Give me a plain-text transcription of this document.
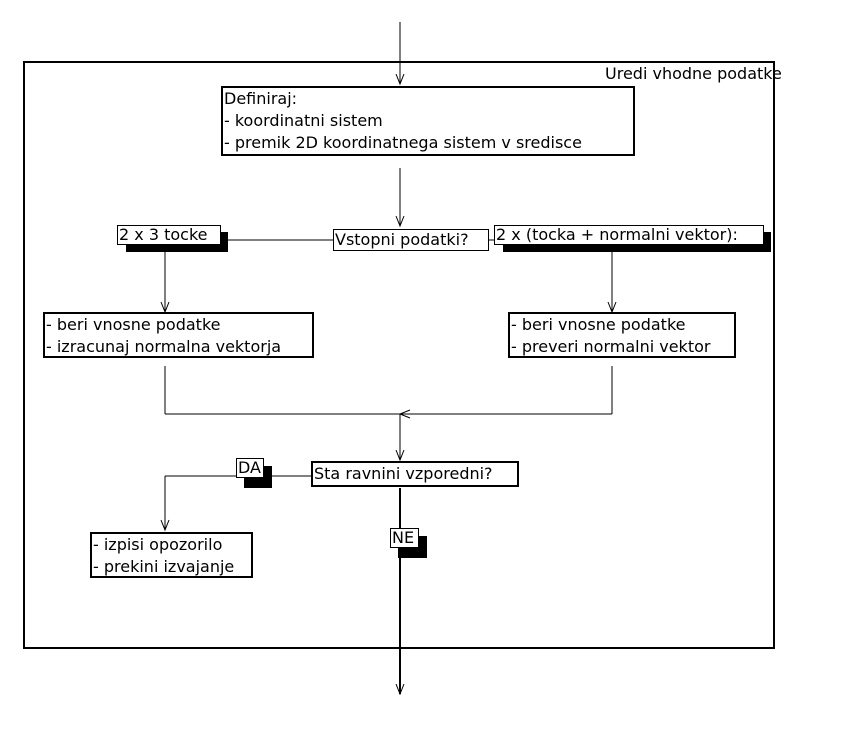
Uredi vhodne podatke
Definiraj:
- koordinatni sistem
- premik 2D koordinatnega sistem v sredisce
2 x 3 tocke	Vstopni podatki?	2 x (tocka + normalni vektor):
- beri vnosne podatke
- izracunaj normalna vektorja
- beri vnosne podatke
- preveri normalni vektor
Sta ravnini vzporedni?
DA
NE
- izpisi opozorilo
- prekini izvajanje
